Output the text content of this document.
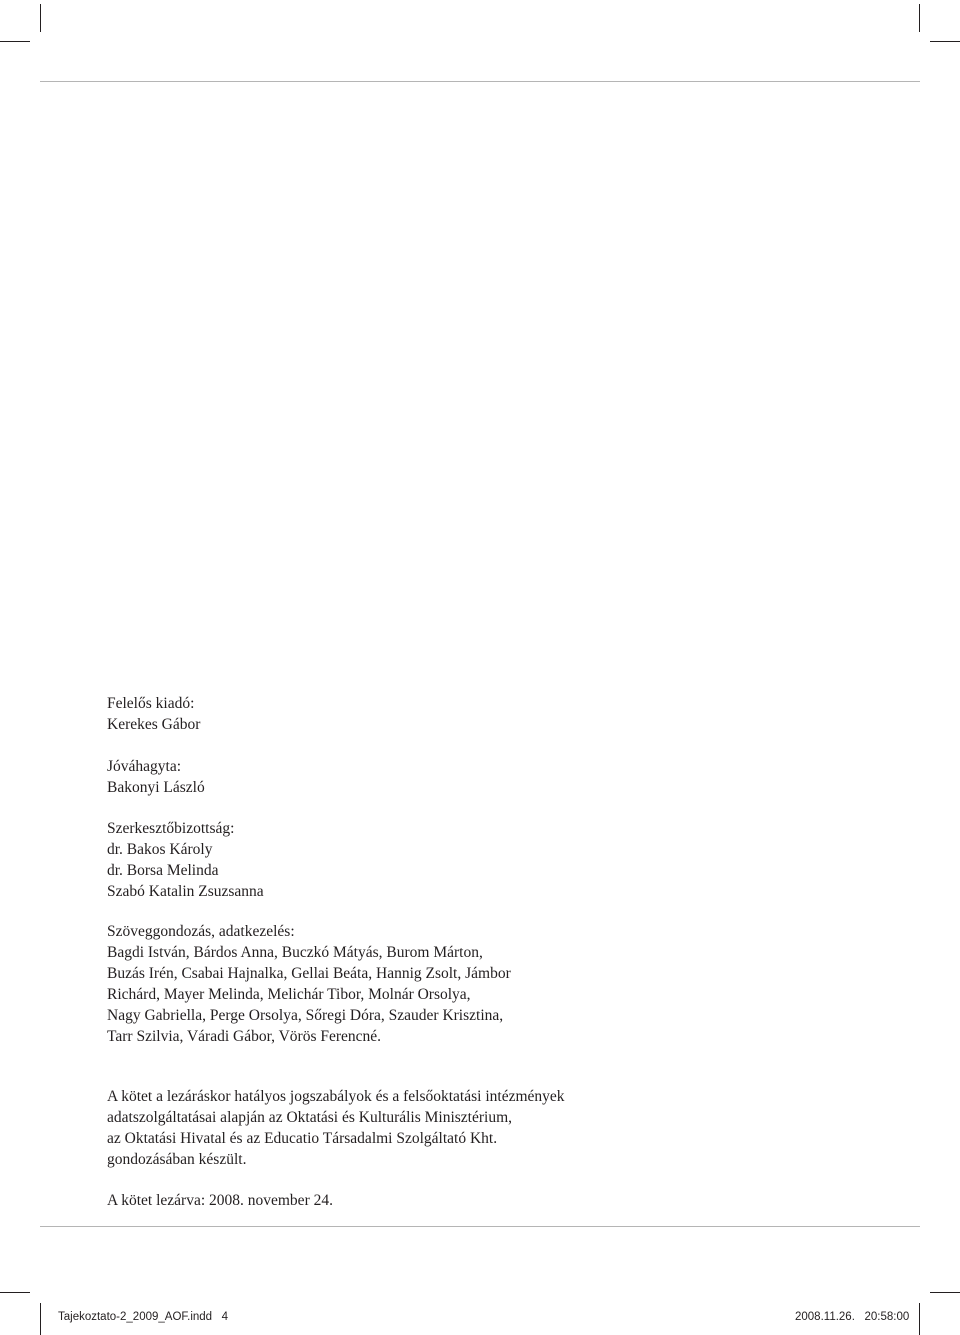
Felelős kiadó:
Kerekes Gábor
Jóváhagyta:
Bakonyi László
Szerkesztőbizottság:
dr. Bakos Károly
dr. Borsa Melinda
Szabó Katalin Zsuzsanna
Szöveggondozás, adatkezelés:
Bagdi István, Bárdos Anna, Buczkó Mátyás, Burom Márton,
Buzás Irén, Csabai Hajnalka, Gellai Beáta, Hannig Zsolt, Jámbor
Richárd, Mayer Melinda, Melichár Tibor, Molnár Orsolya,
Nagy Gabriella, Perge Orsolya, Sőregi Dóra, Szauder Krisztina,
Tarr Szilvia, Váradi Gábor, Vörös Ferencné.
A kötet a lezáráskor hatályos jogszabályok és a felsőoktatási intézmények
adatszolgáltatásai alapján az Oktatási és Kulturális Minisztérium,
az Oktatási Hivatal és az Educatio Társadalmi Szolgáltató Kht.
gondozásában készült.
A kötet lezárva: 2008. november 24.
Tajekoztato-2_2009_AOF.indd   4	2008.11.26.   20:58:00
